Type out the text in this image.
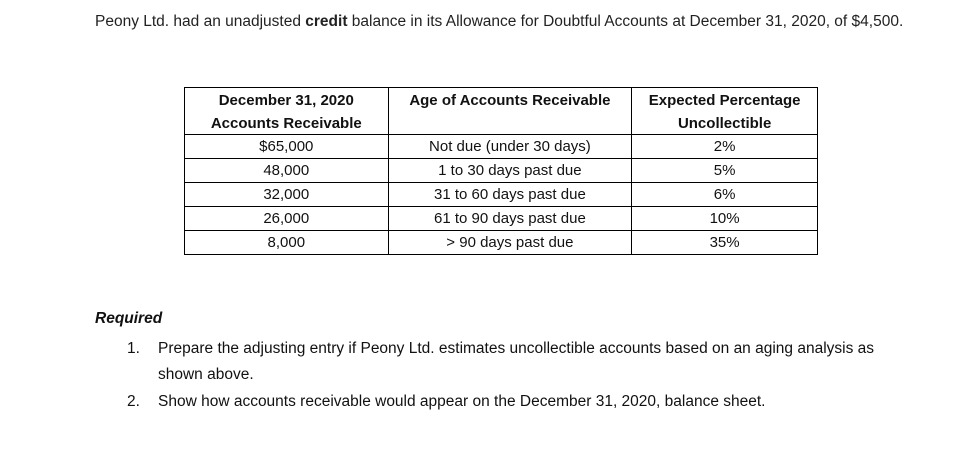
Peony Ltd. had an unadjusted credit balance in its Allowance for Doubtful Accounts at December 31, 2020, of $4,500.
December 31, 2020	Age of Accounts Receivable	Expected Percentage
Accounts Receivable		Uncollectible
$65,000	Not due (under 30 days)	2%
48,000	1 to 30 days past due	5%
32,000	31 to 60 days past due	6%
26,000	61 to 90 days past due	10%
8,000	> 90 days past due	35%
Required
1. Prepare the adjusting entry if Peony Ltd. estimates uncollectible accounts based on an aging analysis as shown above.
2. Show how accounts receivable would appear on the December 31, 2020, balance sheet.
